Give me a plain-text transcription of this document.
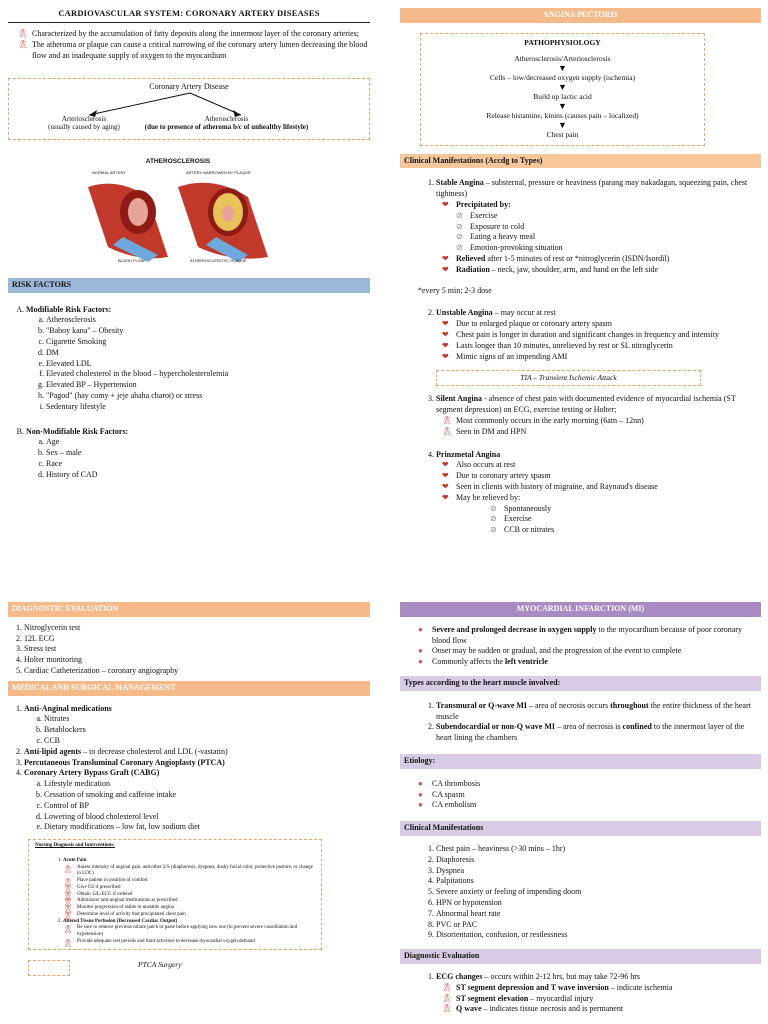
CARDIOVASCULAR SYSTEM: CORONARY ARTERY DISEASES
🎗 Characterized by the accumulation of fatty deposits along the innermost layer of the coronary arteries;
🎗 The atheroma or plaque can cause a critical narrowing of the coronary artery lumen decreasing the blood flow and an inadequate supply of oxygen to the myocardium
Coronary Artery Disease
Arteriosclerosis
(usually caused by aging)
Atherosclerosis
(due to presence of atheroma b/c of unhealthy lifestyle)
ATHEROSCLEROSIS
NORMAL ARTERY	ARTERY NARROWED BY PLAQUE
BLOOD FLOW	ATHEROSCLEROTIC PLAQUE
RISK FACTORS
A. Modifiable Risk Factors:
a. Atherosclerosis
b. "Baboy kana" – Obesity
c. Cigarette Smoking
d. DM
e. Elevated LDL
f. Elevated cholesterol in the blood – hypercholesterolemia
g. Elevated BP – Hypertension
h. "Pagod" (hay comy + jeje ahaha charot) or stress
i. Sedentary lifestyle
B. Non-Modifiable Risk Factors:
a. Age
b. Sex – male
c. Race
d. History of CAD
ANGINA PECTORIS
PATHOPHYSIOLOGY
Atherosclerosis/Arteriosclerosis
▼
Cells – low/decreased oxygen supply (ischemia)
▼
Build up lactic acid
▼
Release histamine, kinins (causes pain – localized)
▼
Chest pain
Clinical Manifestations (Accdg to Types)
1. Stable Angina – substernal, pressure or heaviness (parang may nakadagan, squeezing pain, chest tightness)
❤ Precipitated by:
⊘ Exercise
⊘ Exposure to cold
⊘ Eating a heavy meal
⊘ Emotion-provoking situation
❤ Relieved after 1-5 minutes of rest or *nitroglycerin (ISDN/Isordil)
❤ Radiation – neck, jaw, shoulder, arm, and hand on the left side
*every 5 min; 2-3 dose
2. Unstable Angina – may occur at rest
❤ Due to enlarged plaque or coronary artery spasm
❤ Chest pain is longer in duration and significant changes in frequency and intensity
❤ Lasts longer than 10 minutes, unrelieved by rest or SL nitroglycerin
❤ Mimic signs of an impending AMI
TIA – Transient Ischemic Attack
3. Silent Angina - absence of chest pain with documented evidence of myocardial ischemia (ST segment depression) on ECG, exercise testing or Holter;
🎗 Most commonly occurs in the early morning (6am – 12nn)
🎗 Seen in DM and HPN
4. Prinzmetal Angina
❤ Also occurs at rest
❤ Due to coronary artery spasm
❤ Seen in clients with history of migraine, and Raynaud's disease
❤ May be relieved by:
⊘ Spontaneously
⊘ Exercise
⊘ CCB or nitrates
DIAGNOSTIC EVALUATION
1. Nitroglycerin test
2. 12L ECG
3. Stress test
4. Holter monitoring
5. Cardiac Catheterization – coronary angiography
MEDICAL AND SURGICAL MANAGEMENT
1. Anti-Anginal medications
a. Nitrates
b. Betablockers
c. CCB
2. Anti-lipid agents – to decrease cholesterol and LDL (-vastatin)
3. Percutaneous Transluminal Coronary Angioplasty (PTCA)
4. Coronary Artery Bypass Graft (CABG)
a. Lifestyle medication
b. Cessation of smoking and caffeine intake
c. Control of BP
d. Lowering of blood cholesterol level
e. Dietary modifications – low fat, low sodium diet
Nursing Diagnosis and Interventions:
1. Acute Pain
🎗 Assess intensity of anginal pain, and other S/S (diaphoresis, dyspnea, dusky facial color, protective posture, or change in LOC)
🎗 Place patient in position of comfort
🎗 Give O2 if prescribed
🎗 Obtain 12L-ECG if ordered
🎗 Administer anti-anginal medications as prescribed
🎗 Monitor progression of stable to unstable angina
🎗 Determine level of activity that precipitated chest pain
2. Altered Tissue Perfusion (Decreased Cardiac Output)
🎗 Be sure to remove previous nitrate patch or paste before applying new one (to prevent severe vasodilation and hypotension)
🎗 Provide adequate rest periods and limit activities to decrease myocardial oxygen demand
PTCA Surgery
MYOCARDIAL INFARCTION (MI)
● Severe and prolonged decrease in oxygen supply to the myocardium because of poor coronary blood flow
● Onset may be sudden or gradual, and the progression of the event to complete
● Commonly affects the left ventricle
Types according to the heart muscle involved:
1. Transmural or Q-wave MI – area of necrosis occurs throughout the entire thickness of the heart muscle
2. Subendocardial or non-Q wave MI – area of necrosis is confined to the innermost layer of the heart lining the chambers
Etiology:
● CA thrombosis
● CA spasm
● CA embolism
Clinical Manifestations
1. Chest pain – heaviness (>30 mins – 1hr)
2. Diaphoresis
3. Dyspnea
4. Palpitations
5. Severe anxiety or feeling of impending doom
6. HPN or hypotension
7. Abnormal heart rate
8. PVC or PAC
9. Disorientation, confusion, or restlessness
Diagnostic Evaluation
1. ECG changes – occurs within 2-12 hrs, but may take 72-96 hrs
🎗 ST segment depression and T wave inversion – indicate ischemia
🎗 ST segment elevation – myocardial injury
🎗 Q wave – indicates tissue necrosis and is permanent
